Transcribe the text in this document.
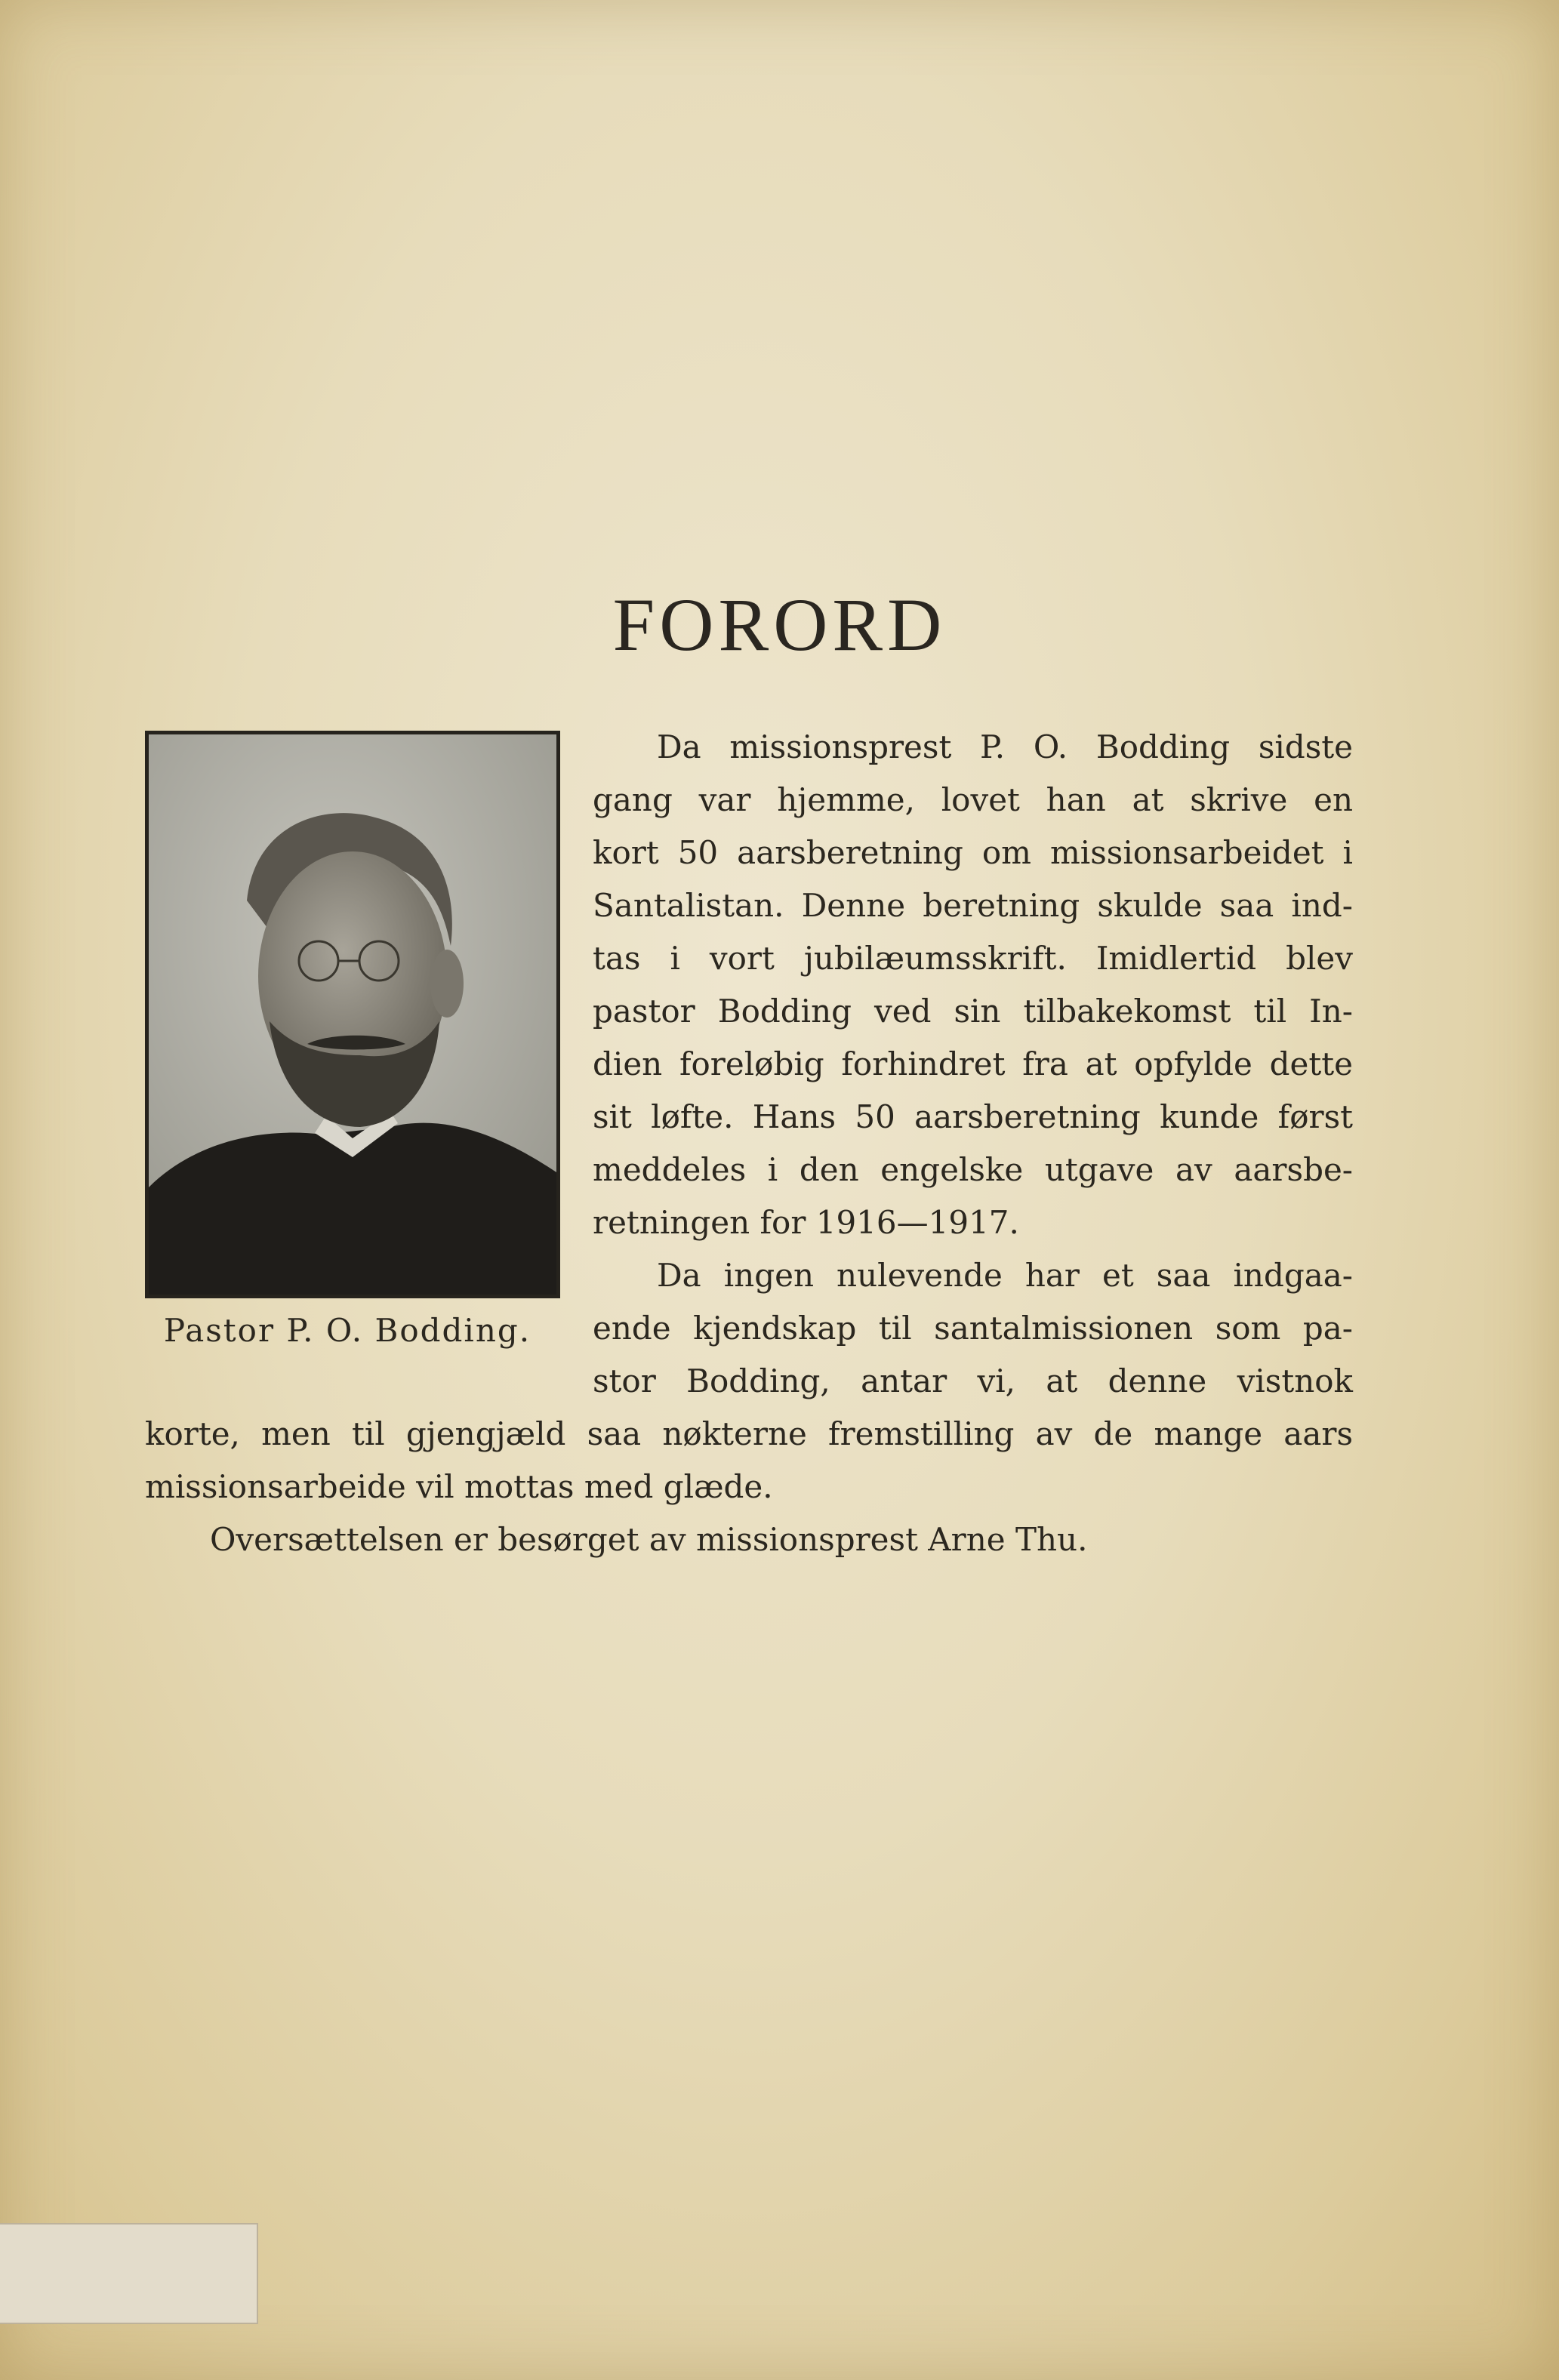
FORORD

Pastor P. O. Bodding.

Da missionsprest P. O. Bodding sidste

gang var hjemme, lovet han at skrive en

kort 50 aarsberetning om missionsarbeidet i

Santalistan. Denne beretning skulde saa ind-

tas i vort jubilæumsskrift. Imidlertid blev

pastor Bodding ved sin tilbakekomst til In-

dien foreløbig forhindret fra at opfylde dette

sit løfte. Hans 50 aarsberetning kunde først

meddeles i den engelske utgave av aarsbe-

retningen for 1916—1917.

Da ingen nulevende har et saa indgaa-

ende kjendskap til santalmissionen som pa-

stor Bodding, antar vi, at denne vistnok

korte, men til gjengjæld saa nøkterne fremstilling av de mange aars

missionsarbeide vil mottas med glæde.

Oversættelsen er besørget av missionsprest Arne Thu.
